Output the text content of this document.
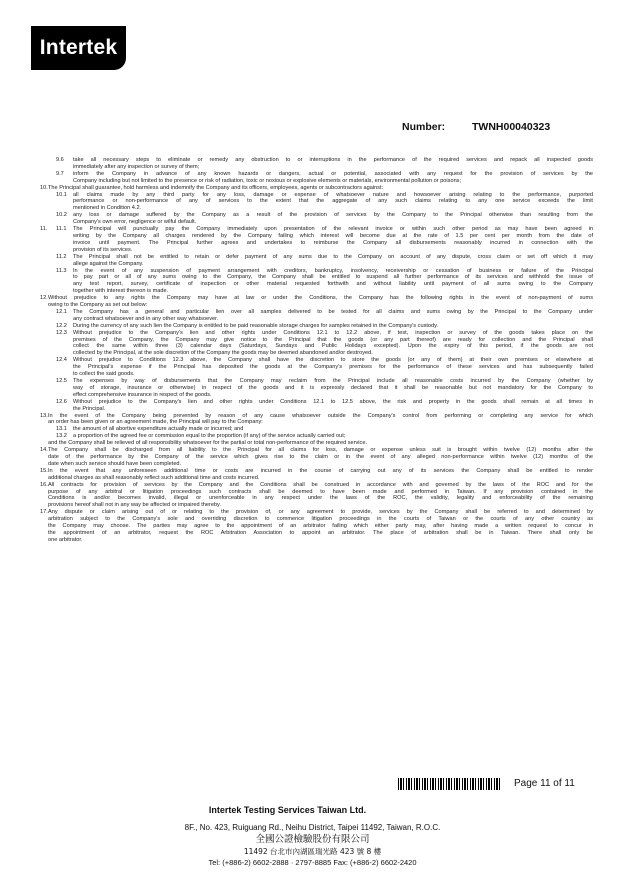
Intertek
Number:	TWNH00040323
9.6 take all necessary steps to eliminate or remedy any obstruction to or interruptions in the performance of the required services and repack all inspected goods
immediately after any inspection or survey of them;
9.7 inform the Company in advance of any known hazards or dangers, actual or potential, associated with any request for the provision of services by the
Company including but not limited to the presence or risk of radiation, toxic or noxious or explosive elements or materials, environmental pollution or poisons;
10. The Principal shall guarantee, hold harmless and indemnify the Company and its officers, employees, agents or subcontractors against:
10.1 all claims made by any third party for any loss, damage or expense of whatsoever nature and howsoever arising relating to the performance, purported
performance or non-performance of any of services to the extent that the aggregate of any such claims relating to any one service exceeds the limit
mentioned in Condition 4.2.
10.2 any loss or damage suffered by the Company as a result of the provision of services by the Company to the Principal otherwise than resulting from the
Company's own error, negligence or wilful default.
11.
11.1 The Principal will punctually pay the Company immediately upon presentation of the relevant invoice or within such other period as may have been agreed in
writing by the Company all charges rendered by the Company failing which interest will become due at the rate of 1.5 per cent per month from the date of
invoice until payment. The Principal further agrees and undertakes to reimburse the Company all disbursements reasonably incurred in connection with the
provision of its services.
11.2 The Principal shall not be entitled to retain or defer payment of any sums due to the Company on account of any dispute, cross claim or set off which it may
allege against the Company.
11.3 In the event of any suspension of payment arrangement with creditors, bankruptcy, insolvency, receivership or cessation of business or failure of the Principal
to pay part or all of any sums owing to the Company, the Company shall be entitled to suspend all further performance of its services and withhold the issue of
any test report, survey, certificate of inspection or other material requested forthwith and without liability until payment of all sums owing to the Company
together with interest thereon is made.
12. Without prejudice to any rights the Company may have at law or under the Conditions, the Company has the following rights in the event of non-payment of sums
owing to the Company as set out below:
12.1 The Company has a general and particular lien over all samples delivered to be tested for all claims and sums owing by the Principal to the Company under
any contract whatsoever and in any other way whatsoever.
12.2 During the currency of any such lien the Company is entitled to be paid reasonable storage charges for samples retained in the Company's custody.
12.3 Without prejudice to the Company's lien and other rights under Conditions 12.1 to 12.2 above, if test, inspection or survey of the goods takes place on the
premises of the Company, the Company may give notice to the Principal that the goods (or any part thereof) are ready for collection and the Principal shall
collect the same within three (3) calendar days (Saturdays, Sundays and Public Holidays excepted). Upon the expiry of this period, if the goods are not
collected by the Principal, at the sole discretion of the Company the goods may be deemed abandoned and/or destroyed.
12.4 Without prejudice to Conditions 12.3 above, the Company shall have the discretion to store the goods (or any of them) at their own premises or elsewhere at
the Principal's expense if the Principal has deposited the goods at the Company's premises for the performance of these services and has subsequently failed
to collect the said goods.
12.5 The expenses by way of disbursements that the Company may reclaim from the Principal include all reasonable costs incurred by the Company (whether by
way of storage, insurance or otherwise) in respect of the goods and it is expressly declared that it shall be reasonable but not mandatory for the Company to
effect comprehensive insurance in respect of the goods.
12.6 Without prejudice to the Company's lien and other rights under Conditions 12.1 to 12.5 above, the risk and property in the goods shall remain at all times in
the Principal.
13. In the event of the Company being prevented by reason of any cause whatsoever outside the Company's control from performing or completing any service for which
an order has been given or an agreement made, the Principal will pay to the Company:
13.1 the amount of all abortive expenditure actually made or incurred; and
13.2 a proportion of the agreed fee or commission equal to the proportion (if any) of the service actually carried out;
and the Company shall be relieved of all responsibility whatsoever for the partial or total non-performance of the required service.
14. The Company shall be discharged from all liability to the Principal for all claims for loss, damage or expense unless suit is brought within twelve (12) months after the
date of the performance by the Company of the service which gives rise to the claim or in the event of any alleged non-performance within twelve (12) months of the
date when such service should have been completed.
15. In the event that any unforeseen additional time or costs are incurred in the course of carrying out any of its services the Company shall be entitled to render
additional charges as shall reasonably reflect such additional time and costs incurred.
16. All contracts for provision of services by the Company and the Conditions shall be construed in accordance with and governed by the laws of the ROC and for the
purpose of any arbitral or litigation proceedings such contracts shall be deemed to have been made and performed in Taiwan. If any provision contained in the
Conditions is and/or becomes invalid, illegal or unenforceable in any respect under the laws of the ROC, the validity, legality and enforceability of the remaining
provisions hereof shall not in any way be affected or impaired thereby.
17. Any dispute or claim arising out of or relating to the provision of, or any agreement to provide, services by the Company shall be referred to and determined by
arbitration subject to the Company's sole and overriding discretion to commence litigation proceedings in the courts of Taiwan or the courts of any other country as
the Company may choose. The parties may agree to the appointment of an arbitrator failing which either party may, after having made a written request to concur in
the appointment of an arbitrator, request the ROC Arbitration Association to appoint an arbitrator. The place of arbitration shall be in Taiwan. There shall only be
one arbitrator.
Page 11 of 11
Intertek Testing Services Taiwan Ltd.
8F., No. 423, Ruiguang Rd., Neihu District, Taipei 11492, Taiwan, R.O.C.
全國公證檢驗股份有限公司
11492 台北市內湖區瑞光路 423 號 8 樓
Tel: (+886-2) 6602-2888 · 2797-8885 Fax: (+886-2) 6602-2420
